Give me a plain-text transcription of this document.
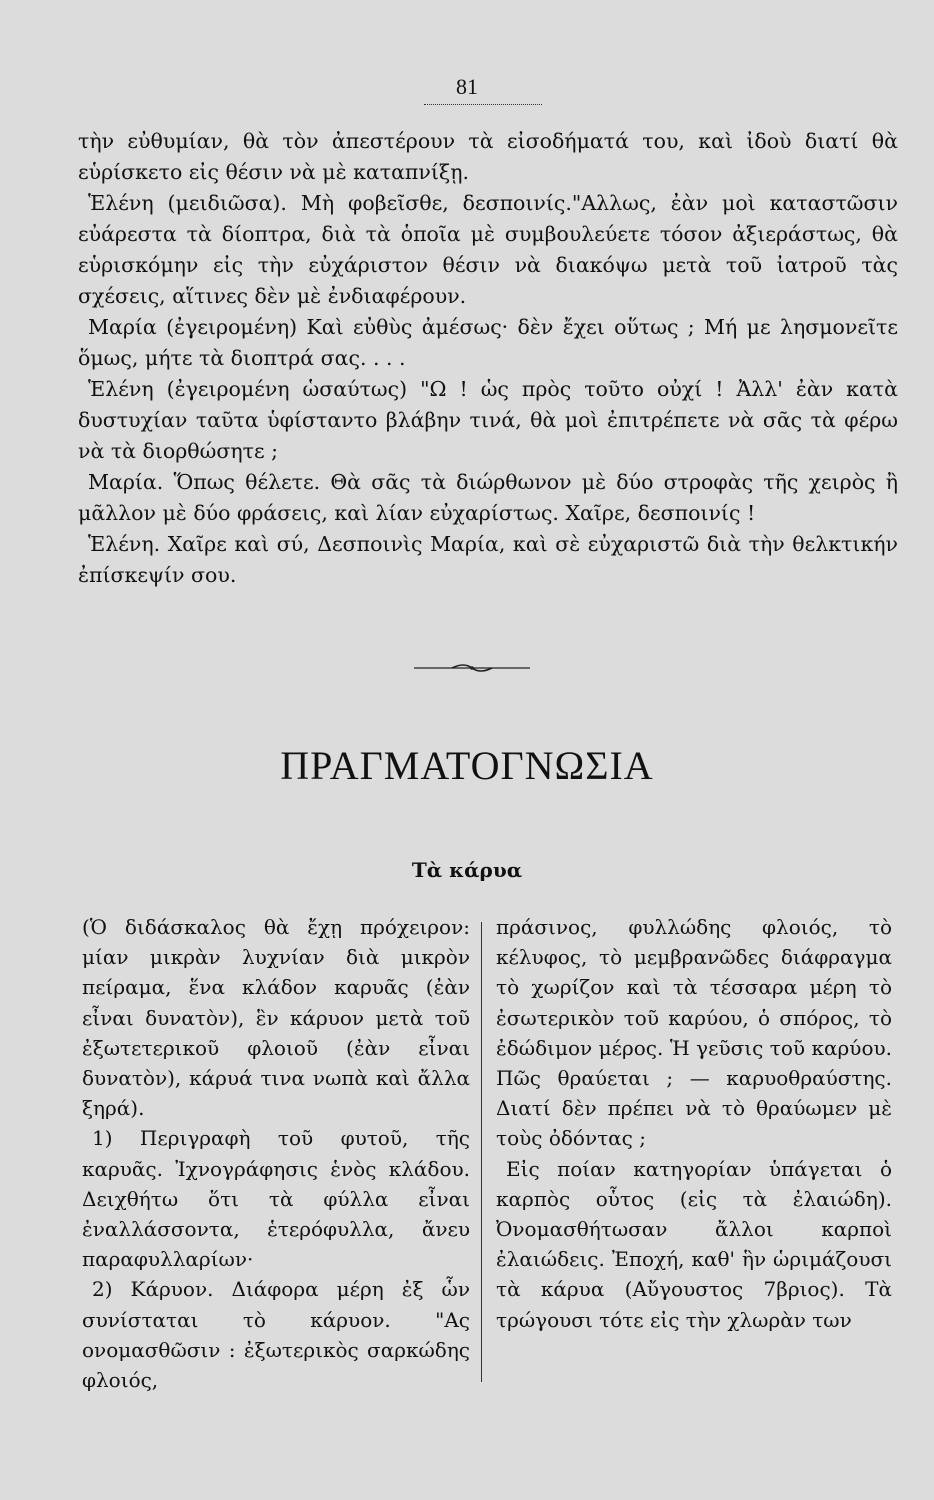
81

τὴν εὐθυμίαν, θὰ τὸν ἀπεστέρουν τὰ εἰσοδήματά του, καὶ ἰδοὺ διατί θὰ εὑρίσκετο εἰς θέσιν νὰ μὲ καταπνίξῃ.

Ἑλένη (μειδιῶσα). Μὴ φοβεῖσθε, δεσποινίς."Αλλως, ἐὰν μοὶ καταστῶσιν εὐάρεστα τὰ δίοπτρα, διὰ τὰ ὁποῖα μὲ συμβουλεύετε τόσον ἀξιεράστως, θὰ εὑρισκόμην εἰς τὴν εὐχάριστον θέσιν νὰ διακόψω μετὰ τοῦ ἰατροῦ τὰς σχέσεις, αἵτινες δὲν μὲ ἐνδιαφέρουν.

Μαρία (ἐγειρομένη) Καὶ εὐθὺς ἀμέσως· δὲν ἔχει οὕτως ; Μή με λησμονεῖτε ὅμως, μήτε τὰ διοπτρά σας. . . .

Ἑλένη (ἐγειρομένη ὡσαύτως) "Ω ! ὡς πρὸς τοῦτο οὐχί ! Ἀλλ' ἐὰν κατὰ δυστυχίαν ταῦτα ὑφίσταντο βλάβην τινά, θὰ μοὶ ἐπιτρέπετε νὰ σᾶς τὰ φέρω νὰ τὰ διορθώσητε ;

Μαρία. Ὅπως θέλετε. Θὰ σᾶς τὰ διώρθωνον μὲ δύο στροφὰς τῆς χειρὸς ἢ μᾶλλον μὲ δύο φράσεις, καὶ λίαν εὐχαρίστως. Χαῖρε, δεσποινίς !

Ἑλένη. Χαῖρε καὶ σύ, Δεσποινὶς Μαρία, καὶ σὲ εὐχαριστῶ διὰ τὴν θελκτικήν ἐπίσκεψίν σου.

ΠΡΑΓΜΑΤΟΓΝΩΣΙΑ
Τὰ κάρυα

(Ὁ διδάσκαλος θὰ ἔχῃ πρόχειρον: μίαν μικρὰν λυχνίαν διὰ μικρὸν πείραμα, ἕνα κλάδον καρυᾶς (ἐὰν εἶναι δυνατὸν), ἓν κάρυον μετὰ τοῦ ἐξωτετερικοῦ φλοιοῦ (ἐὰν εἶναι δυνατὸν), κάρυά τινα νωπὰ καὶ ἄλλα ξηρά).

1) Περιγραφὴ τοῦ φυτοῦ, τῆς καρυᾶς. Ἰχνογράφησις ἑνὸς κλάδου. Δειχθήτω ὅτι τὰ φύλλα εἶναι ἐναλλάσσοντα, ἑτερόφυλλα, ἄνευ παραφυλλαρίων·

2) Κάρυον. Διάφορα μέρη ἐξ ὧν συνίσταται τὸ κάρυον. "Ας ονομασθῶσιν : ἐξωτερικὸς σαρκώδης φλοιός,

πράσινος, φυλλώδης φλοιός, τὸ κέλυφος, τὸ μεμβρανῶδες διάφραγμα τὸ χωρίζον καὶ τὰ τέσσαρα μέρη τὸ ἐσωτερικὸν τοῦ καρύου, ὁ σπόρος, τὸ ἐδώδιμον μέρος. Ἡ γεῦσις τοῦ καρύου. Πῶς θραύεται ; — καρυοθραύστης. Διατί δὲν πρέπει νὰ τὸ θραύωμεν μὲ τοὺς ὀδόντας ;

Εἰς ποίαν κατηγορίαν ὑπάγεται ὁ καρπὸς οὗτος (εἰς τὰ ἐλαιώδη). Ὀνομασθήτωσαν ἄλλοι καρποὶ ἐλαιώδεις. Ἐποχή, καθ' ἣν ὡριμάζουσι τὰ κάρυα (Αὔγουστος 7βριος). Τὰ τρώγουσι τότε εἰς τὴν χλωρὰν των
